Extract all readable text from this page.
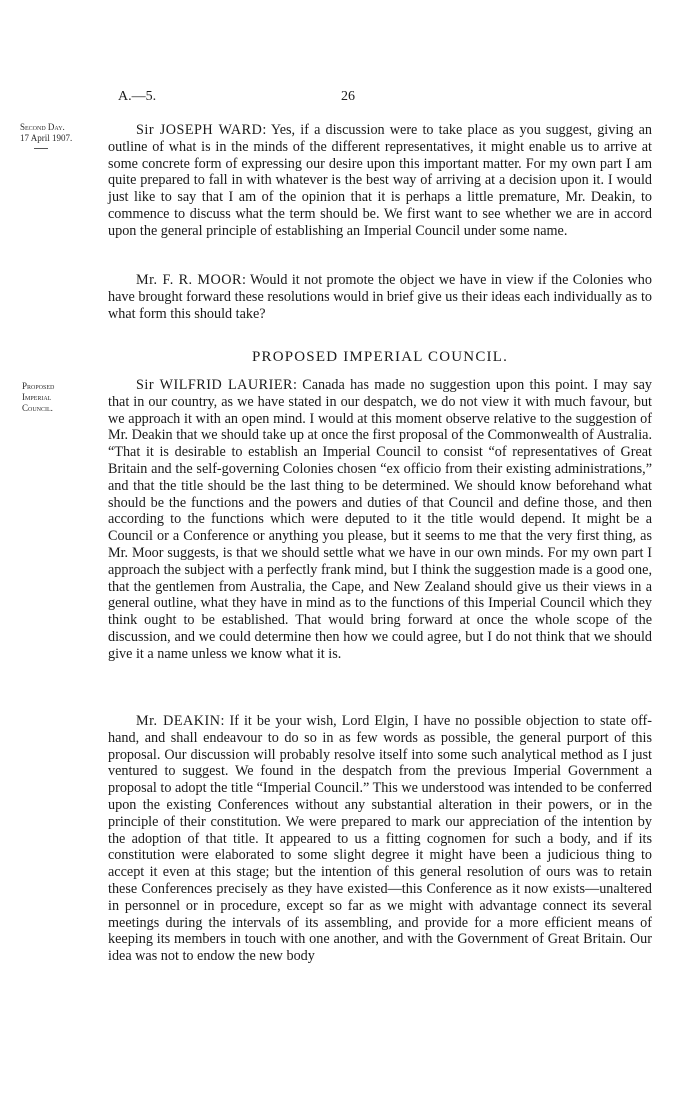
A.—5.	26
Second Day.
17 April 1907.
Proposed
Imperial
Council.

Sir JOSEPH WARD: Yes, if a discussion were to take place as you suggest, giving an outline of what is in the minds of the different representatives, it might enable us to arrive at some concrete form of expressing our desire upon this important matter. For my own part I am quite prepared to fall in with whatever is the best way of arriving at a decision upon it. I would just like to say that I am of the opinion that it is perhaps a little premature, Mr. Deakin, to commence to discuss what the term should be. We first want to see whether we are in accord upon the general principle of establishing an Imperial Council under some name.

Mr. F. R. MOOR: Would it not promote the object we have in view if the Colonies who have brought forward these resolutions would in brief give us their ideas each individually as to what form this should take?

PROPOSED IMPERIAL COUNCIL.

Sir WILFRID LAURIER: Canada has made no suggestion upon this point. I may say that in our country, as we have stated in our despatch, we do not view it with much favour, but we approach it with an open mind. I would at this moment observe relative to the suggestion of Mr. Deakin that we should take up at once the first proposal of the Commonwealth of Australia. “That it is desirable to establish an Imperial Council to consist “of representatives of Great Britain and the self-governing Colonies chosen “ex officio from their existing administrations,” and that the title should be the last thing to be determined. We should know beforehand what should be the functions and the powers and duties of that Council and define those, and then according to the functions which were deputed to it the title would depend. It might be a Council or a Conference or anything you please, but it seems to me that the very first thing, as Mr. Moor suggests, is that we should settle what we have in our own minds. For my own part I approach the subject with a perfectly frank mind, but I think the suggestion made is a good one, that the gentlemen from Australia, the Cape, and New Zealand should give us their views in a general outline, what they have in mind as to the functions of this Imperial Council which they think ought to be established. That would bring forward at once the whole scope of the discussion, and we could determine then how we could agree, but I do not think that we should give it a name unless we know what it is.

Mr. DEAKIN: If it be your wish, Lord Elgin, I have no possible objection to state off-hand, and shall endeavour to do so in as few words as possible, the general purport of this proposal. Our discussion will probably resolve itself into some such analytical method as I just ventured to suggest. We found in the despatch from the previous Imperial Government a proposal to adopt the title “Imperial Council.” This we understood was intended to be conferred upon the existing Conferences without any substantial alteration in their powers, or in the principle of their constitution. We were prepared to mark our appreciation of the intention by the adoption of that title. It appeared to us a fitting cognomen for such a body, and if its constitution were elaborated to some slight degree it might have been a judicious thing to accept it even at this stage; but the intention of this general resolution of ours was to retain these Conferences precisely as they have existed—this Conference as it now exists—unaltered in personnel or in procedure, except so far as we might with advantage connect its several meetings during the intervals of its assembling, and provide for a more efficient means of keeping its members in touch with one another, and with the Government of Great Britain. Our idea was not to endow the new body
